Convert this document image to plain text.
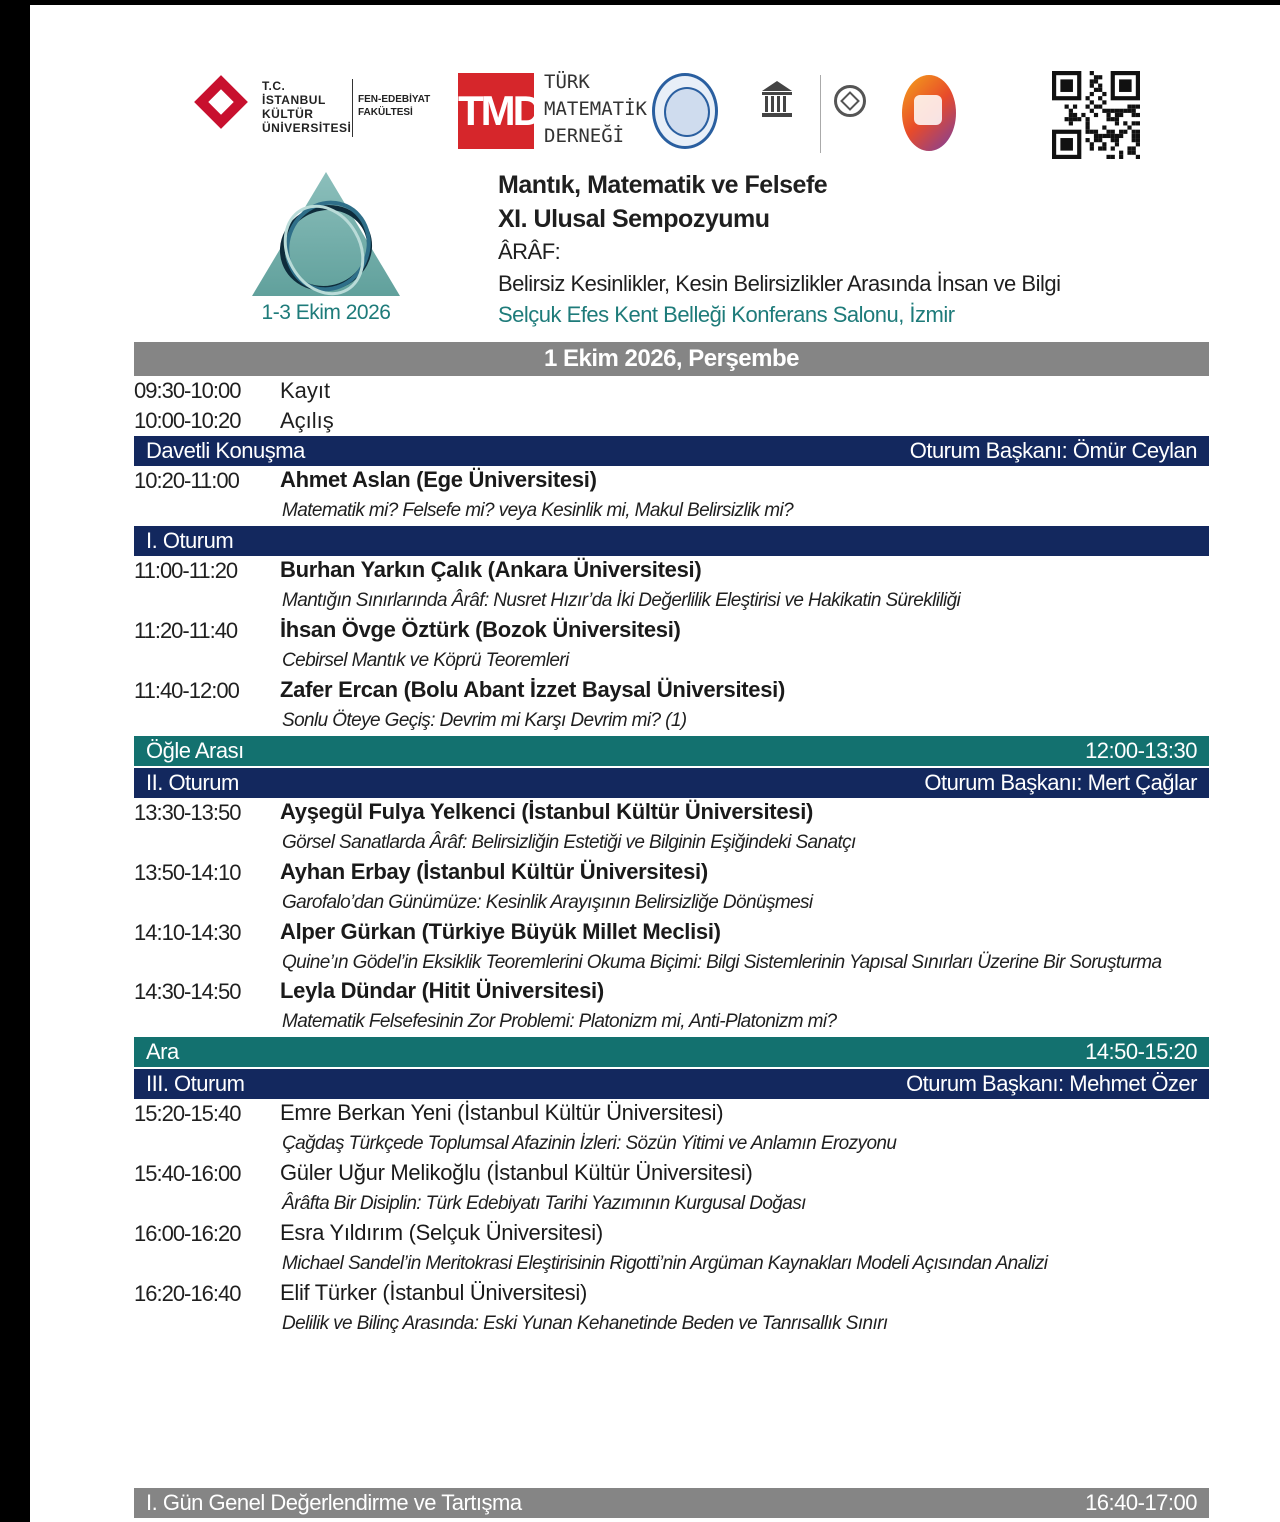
T.C.
İSTANBUL
KÜLTÜR
ÜNİVERSİTESİ
FEN-EDEBİYAT
FAKÜLTESİ	TMD
TÜRK
MATEMATİK
DERNEĞİ
1-3 Ekim 2026
Mantık, Matematik ve Felsefe
XI. Ulusal Sempozyumu
ÂRÂF:
Belirsiz Kesinlikler, Kesin Belirsizlikler Arasında İnsan ve Bilgi
Selçuk Efes Kent Belleği Konferans Salonu, İzmir
1 Ekim 2026, Perşembe
09:30-10:00 Kayıt
10:00-10:20 Açılış
Davetli Konuşma	Oturum Başkanı: Ömür Ceylan
10:20-11:00 Ahmet Aslan (Ege Üniversitesi)
Matematik mi? Felsefe mi? veya Kesinlik mi, Makul Belirsizlik mi?
I. Oturum
11:00-11:20 Burhan Yarkın Çalık (Ankara Üniversitesi)
Mantığın Sınırlarında Ârâf: Nusret Hızır’da İki Değerlilik Eleştirisi ve Hakikatin Sürekliliği
11:20-11:40 İhsan Övge Öztürk (Bozok Üniversitesi)
Cebirsel Mantık ve Köprü Teoremleri
11:40-12:00 Zafer Ercan (Bolu Abant İzzet Baysal Üniversitesi)
Sonlu Öteye Geçiş: Devrim mi Karşı Devrim mi? (1)
Öğle Arası	12:00-13:30
II. Oturum	Oturum Başkanı: Mert Çağlar
13:30-13:50 Ayşegül Fulya Yelkenci (İstanbul Kültür Üniversitesi)
Görsel Sanatlarda Ârâf: Belirsizliğin Estetiği ve Bilginin Eşiğindeki Sanatçı
13:50-14:10 Ayhan Erbay (İstanbul Kültür Üniversitesi)
Garofalo’dan Günümüze: Kesinlik Arayışının Belirsizliğe Dönüşmesi
14:10-14:30 Alper Gürkan (Türkiye Büyük Millet Meclisi)
Quine’ın Gödel’in Eksiklik Teoremlerini Okuma Biçimi: Bilgi Sistemlerinin Yapısal Sınırları Üzerine Bir Soruşturma
14:30-14:50 Leyla Dündar (Hitit Üniversitesi)
Matematik Felsefesinin Zor Problemi: Platonizm mi, Anti-Platonizm mi?
Ara	14:50-15:20
III. Oturum	Oturum Başkanı: Mehmet Özer
15:20-15:40 Emre Berkan Yeni (İstanbul Kültür Üniversitesi)
Çağdaş Türkçede Toplumsal Afazinin İzleri: Sözün Yitimi ve Anlamın Erozyonu
15:40-16:00 Güler Uğur Melikoğlu (İstanbul Kültür Üniversitesi)
Ârâfta Bir Disiplin: Türk Edebiyatı Tarihi Yazımının Kurgusal Doğası
16:00-16:20 Esra Yıldırım (Selçuk Üniversitesi)
Michael Sandel’in Meritokrasi Eleştirisinin Rigotti’nin Argüman Kaynakları Modeli Açısından Analizi
16:20-16:40 Elif Türker (İstanbul Üniversitesi)
Delilik ve Bilinç Arasında: Eski Yunan Kehanetinde Beden ve Tanrısallık Sınırı
I. Gün Genel Değerlendirme ve Tartışma	16:40-17:00
